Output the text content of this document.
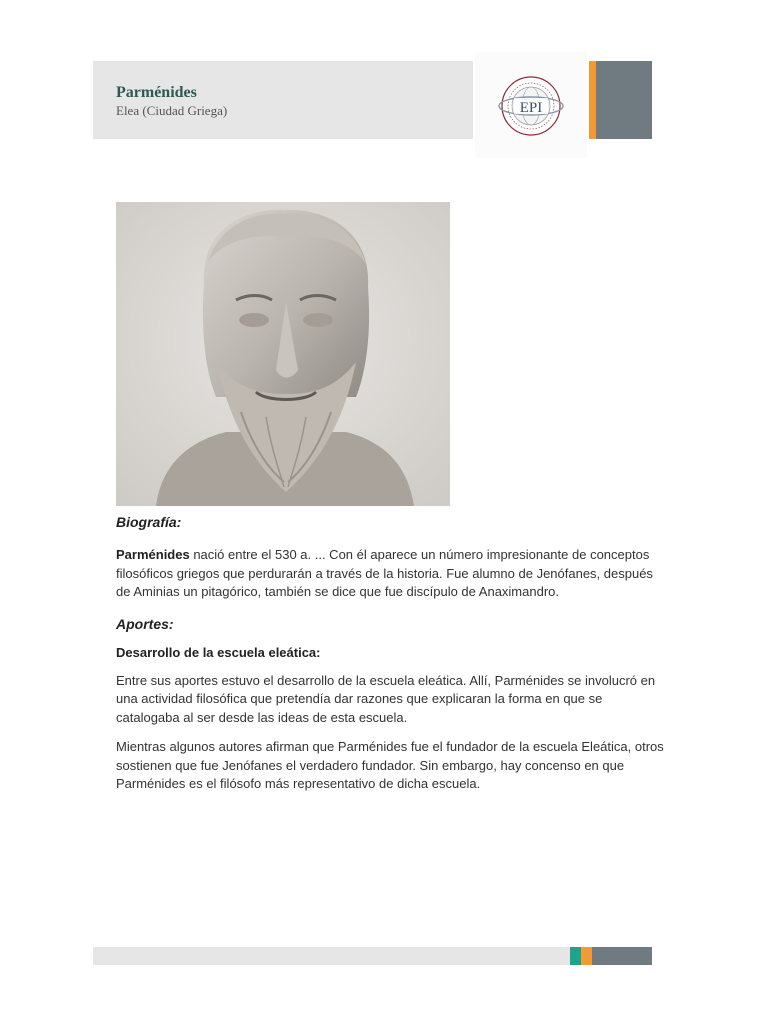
Parménides
Elea (Ciudad Griega)	EPI

Biografía:

Parménides nació entre el 530 a. ... Con él aparece un número impresionante de conceptos filosóficos griegos que perdurarán a través de la historia. Fue alumno de Jenófanes, después de Aminias un pitagórico, también se dice que fue discípulo de Anaximandro.

Aportes:

Desarrollo de la escuela eleática:

Entre sus aportes estuvo el desarrollo de la escuela eleática. Allí, Parménides se involucró en una actividad filosófica que pretendía dar razones que explicaran la forma en que se catalogaba al ser desde las ideas de esta escuela.

Mientras algunos autores afirman que Parménides fue el fundador de la escuela Eleática, otros sostienen que fue Jenófanes el verdadero fundador. Sin embargo, hay concenso en que Parménides es el filósofo más representativo de dicha escuela.
